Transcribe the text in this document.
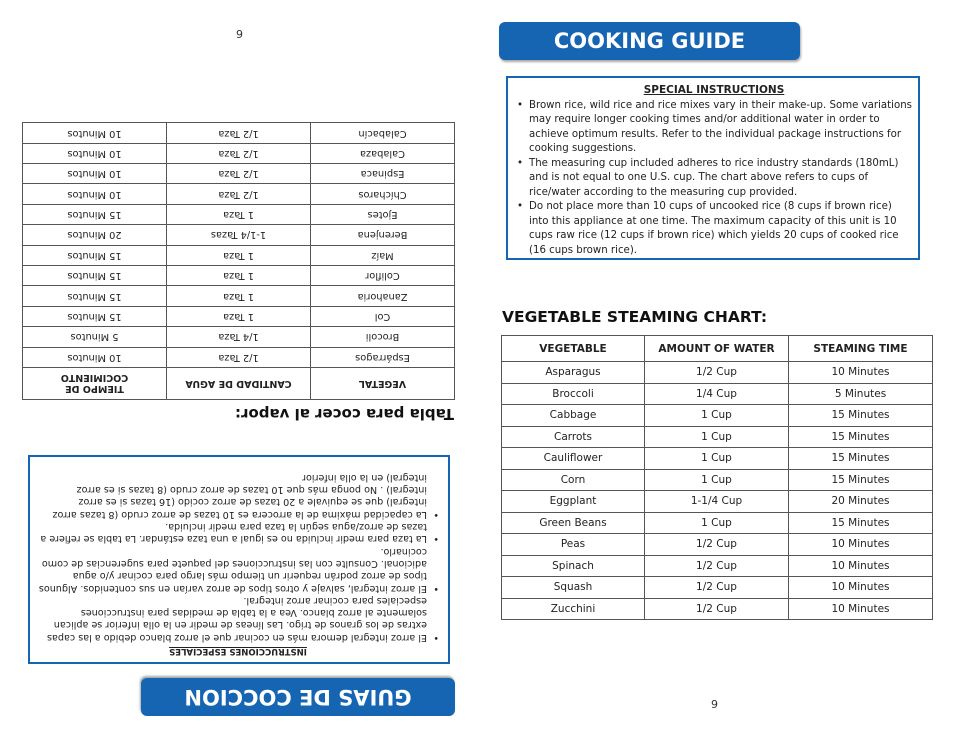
COOKING GUIDE
SPECIAL INSTRUCTIONS
• Brown rice, wild rice and rice mixes vary in their make-up. Some variations may require longer cooking times and/or additional water in order to achieve optimum results. Refer to the individual package instructions for cooking suggestions.
• The measuring cup included adheres to rice industry standards (180mL) and is not equal to one U.S. cup. The chart above refers to cups of rice/water according to the measuring cup provided.
• Do not place more than 10 cups of uncooked rice (8 cups if brown rice) into this appliance at one time. The maximum capacity of this unit is 10 cups raw rice (12 cups if brown rice) which yields 20 cups of cooked rice (16 cups brown rice).
VEGETABLE STEAMING CHART:
VEGETABLE	AMOUNT OF WATER	STEAMING TIME
Asparagus	1/2 Cup	10 Minutes
Broccoli	1/4 Cup	5 Minutes
Cabbage	1 Cup	15 Minutes
Carrots	1 Cup	15 Minutes
Cauliflower	1 Cup	15 Minutes
Corn	1 Cup	15 Minutes
Eggplant	1-1/4 Cup	20 Minutes
Green Beans	1 Cup	15 Minutes
Peas	1/2 Cup	10 Minutes
Spinach	1/2 Cup	10 Minutes
Squash	1/2 Cup	10 Minutes
Zucchini	1/2 Cup	10 Minutes
9
GUIAS DE COCCION
INSTRUCCIONES ESPECIALES
• El arroz integral demora más en cocinar que el arroz blanco debido a las capas extras de los granos de trigo. Las líneas de medir en la olla inferior se aplican solamente al arroz blanco. Vea a la tabla de medidas para instrucciones especiales para cocinar arroz integral.
• El arroz integral, salvaje y otros tipos de arroz varían en sus contenidos. Algunos tipos de arroz podrán requerir un tiempo más largo para cocinar y/o agua adicional. Consulte con las instrucciones del paquete para sugerencias de como cocinarlo.
• La taza para medir incluida no es igual a una taza estándar. La tabla se refiere a tazas de arroz/agua según la taza para medir incluida.
• La capacidad máxima de la arrocera es 10 tazas de arroz crudo (8 tazas arroz integral) que se equivale a 20 tazas de arroz cocido (16 tazas si es arroz integral) . No ponga más que 10 tazas de arroz crudo (8 tazas si es arroz integral) en la olla inferior
Tabla para cocer al vapor:
VEGETAL	CANTIDAD DE AGUA	TIEMPO DE COCIMIENTO
Espárragos	1/2 Taza	10 Minutos
Brocoli	1/4 Taza	5 Minutos
Col	1 Taza	15 Minutos
Zanahoria	1 Taza	15 Minutos
Coliflor	1 Taza	15 Minutos
Maíz	1 Taza	15 Minutos
Berenjena	1-1/4 Tazas	20 Minutos
Ejotes	1 Taza	15 Minutos
Chícharos	1/2 Taza	10 Minutos
Espinaca	1/2 Taza	10 Minutos
Calabaza	1/2 Taza	10 Minutos
Calabacín	1/2 Taza	10 Minutos
6
